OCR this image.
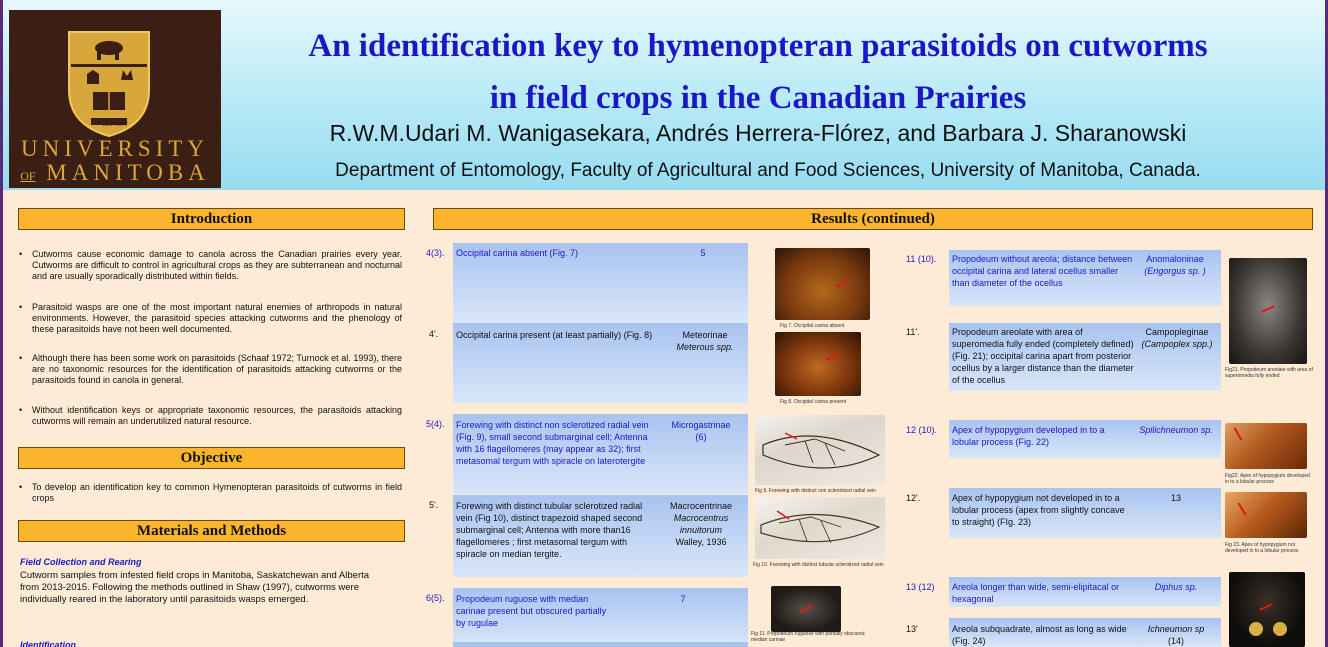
EST. 1877
UNIVERSITY
OF MANITOBA
An identification key to hymenopteran parasitoids on cutworms
in field crops in the Canadian Prairies
R.W.M.Udari M. Wanigasekara, Andrés Herrera-Flórez, and Barbara J. Sharanowski
Department of Entomology, Faculty of Agricultural and Food Sciences, University of Manitoba, Canada.
Introduction
• Cutworms cause economic damage to canola across the Canadian prairies every year. Cutworms are difficult to control in agricultural crops as they are subterranean and nocturnal and are usually sporadically distributed within fields.
• Parasitoid wasps are one of the most important natural enemies of arthropods in natural environments. However, the parasitoid species attacking cutworms and the phenology of these parasitoids have not been well documented.
• Although there has been some work on parasitoids (Schaaf 1972; Turnock et al. 1993), there are no taxonomic resources for the identification of parasitoids attacking cutworms or the parasitoids found in canola in general.
• Without identification keys or appropriate taxonomic resources, the parasitoids attacking cutworms will remain an underutilized natural resource.
Objective
• To develop an identification key to common Hymenopteran parasitoids of cutworms in field crops
Materials and Methods
Field Collection and Rearing
Cutworm samples from infested field crops in Manitoba, Saskatchewan and Alberta from 2013-2015. Following the methods outlined in Shaw (1997), cutworms were individually reared in the laboratory until parasitoids wasps emerged.
Identification
Results (continued)
4(3). Occipital carina absent (Fig. 7)	5
4'. Occipital carina present (at least partially) (Fig. 8)	Meteorinae
Meterous spp.
5(4). Forewing with distinct non sclerotized radial vein (Fig. 9), small second submarginal cell; Antenna with 16 flagellomeres (may appear as 32); first metasomal tergum with spiracle on laterotergite
Microgastrinae
(6)
5'. Forewing with distinct tubular sclerotized radial vein (Fig 10), distinct trapezoid shaped second submarginal cell; Antenna with more than16 flagellomeres ; first metasomal tergum with spiracle on median tergite.
Macrocentrinae
Macrocentrus innuitorum
Walley, 1936
6(5). Propodeum ruguose with median carinae present but obscured partially by rugulae
7
Fig 7. Occipital carina absent
Fig 8. Occipital carina present
Fig 9. Forewing with distinct non sclerotized radial vein
Fig 10. Forewing with distinct tubular sclerotized radial vein
Fig 11. Propodeum rugulose with partially obscured median carinae
11 (10). Propodeum without areola; distance between occipital carina and lateral ocellus smaller than diameter of the ocellus
Anomaloninae
(Erigorgus sp. )
11'.	Propodeum areolate with area of superomedia fully ended (completely defined) (Fig. 21); occipital carina apart from posterior ocellus by a larger distance than the diameter of the ocellus
Campopleginae
(Campoplex spp.)
12 (10). Apex of hypopygium developed in to a lobular process (Fig. 22)
Spilichneumon sp.
12'.	Apex of hypopygium not developed in to a lobular process (apex from slightly concave to straight) (FIg. 23)
13
13 (12) Areola longer than wide, semi-elipitacal or hexagonal
Diphus sp.
13'	Areola subquadrate, almost as long as wide (Fig. 24)
Ichneumon sp
(14)
Fig21. Propodeum areolate with area of superomedia fully ended
Fig22. Apex of hypopygium developed in to a lobular process
Fig 23. Apex of hypopygium not developed in to a lobular process
